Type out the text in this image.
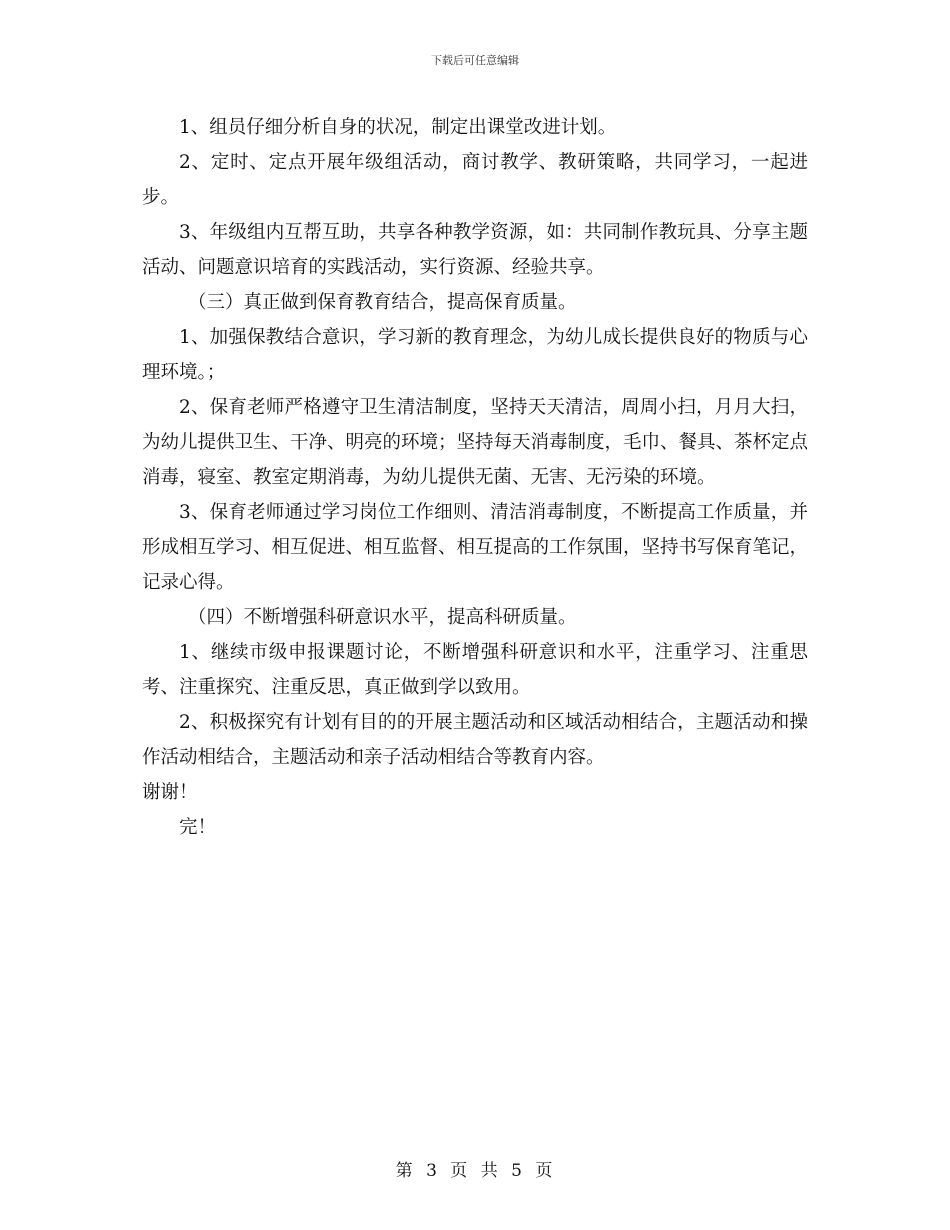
下载后可任意编辑

1、组员仔细分析自身的状况，制定出课堂改进计划。

2、定时、定点开展年级组活动，商讨教学、教研策略，共同学习，一起进步。

3、年级组内互帮互助，共享各种教学资源，如：共同制作教玩具、分享主题活动、问题意识培育的实践活动，实行资源、经验共享。

（三）真正做到保育教育结合，提高保育质量。

1、加强保教结合意识，学习新的教育理念，为幼儿成长提供良好的物质与心理环境。；

2、保育老师严格遵守卫生清洁制度，坚持天天清洁，周周小扫，月月大扫，为幼儿提供卫生、干净、明亮的环境；坚持每天消毒制度，毛巾、餐具、茶杯定点消毒，寝室、教室定期消毒，为幼儿提供无菌、无害、无污染的环境。

3、保育老师通过学习岗位工作细则、清洁消毒制度，不断提高工作质量，并形成相互学习、相互促进、相互监督、相互提高的工作氛围，坚持书写保育笔记，记录心得。

（四）不断增强科研意识水平，提高科研质量。

1、继续市级申报课题讨论，不断增强科研意识和水平，注重学习、注重思考、注重探究、注重反思，真正做到学以致用。

2、积极探究有计划有目的的开展主题活动和区域活动相结合，主题活动和操作活动相结合，主题活动和亲子活动相结合等教育内容。

谢谢！

完！

第 3 页 共 5 页
